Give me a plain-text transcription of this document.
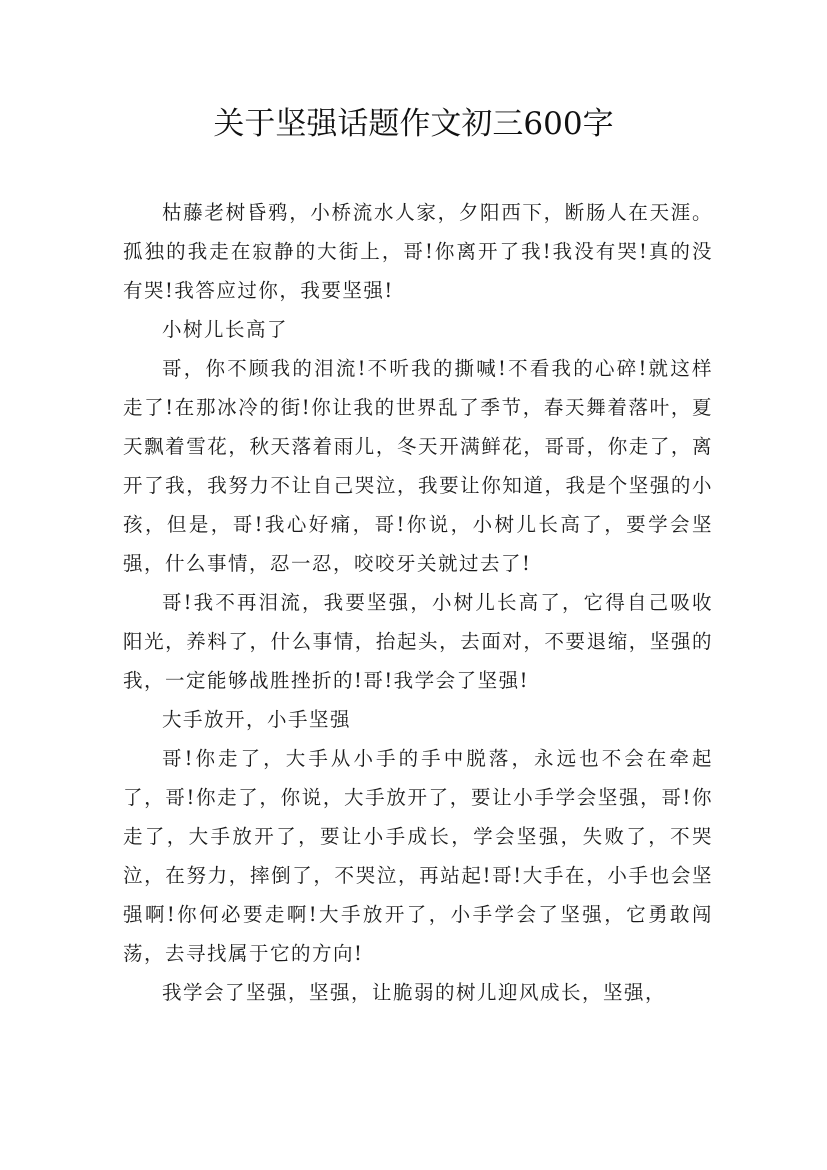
关于坚强话题作文初三600字

枯藤老树昏鸦，小桥流水人家，夕阳西下，断肠人在天涯。孤独的我走在寂静的大街上，哥!你离开了我!我没有哭!真的没有哭!我答应过你，我要坚强!

小树儿长高了

哥，你不顾我的泪流!不听我的撕喊!不看我的心碎!就这样走了!在那冰冷的街!你让我的世界乱了季节，春天舞着落叶，夏天飘着雪花，秋天落着雨儿，冬天开满鲜花，哥哥，你走了，离开了我，我努力不让自己哭泣，我要让你知道，我是个坚强的小孩，但是，哥!我心好痛，哥!你说，小树儿长高了，要学会坚强，什么事情，忍一忍，咬咬牙关就过去了!

哥!我不再泪流，我要坚强，小树儿长高了，它得自己吸收阳光，养料了，什么事情，抬起头，去面对，不要退缩，坚强的我，一定能够战胜挫折的!哥!我学会了坚强!

大手放开，小手坚强

哥!你走了，大手从小手的手中脱落，永远也不会在牵起了，哥!你走了，你说，大手放开了，要让小手学会坚强，哥!你走了，大手放开了，要让小手成长，学会坚强，失败了，不哭泣，在努力，摔倒了，不哭泣，再站起!哥!大手在，小手也会坚强啊!你何必要走啊!大手放开了，小手学会了坚强，它勇敢闯荡，去寻找属于它的方向!

我学会了坚强，坚强，让脆弱的树儿迎风成长，坚强，
